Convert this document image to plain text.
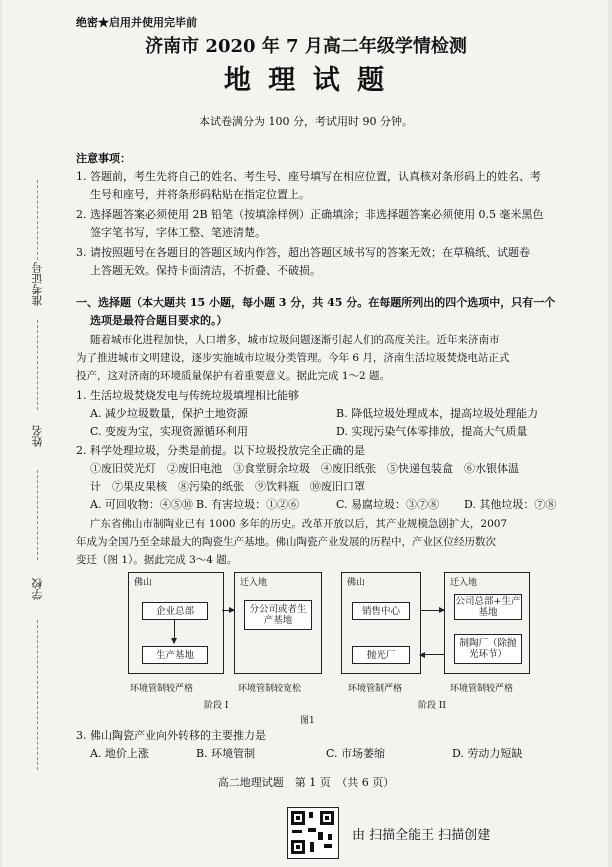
绝密★启用并使用完毕前
济南市 2020 年 7 月高二年级学情检测
地 理 试 题
本试卷满分为 100 分，考试用时 90 分钟。
注意事项：
1. 答题前，考生先将自己的姓名、考生号、座号填写在相应位置，认真核对条形码上的姓名、考
生号和座号，并将条形码粘贴在指定位置上。
2. 选择题答案必须使用 2B 铅笔（按填涂样例）正确填涂；非选择题答案必须使用 0.5 毫米黑色
签字笔书写，字体工整、笔迹清楚。
3. 请按照题号在各题目的答题区域内作答，超出答题区域书写的答案无效；在草稿纸、试题卷
上答题无效。保持卡面清洁，不折叠、不破损。
准考证号
姓名
学校
一、选择题（本大题共 15 小题，每小题 3 分，共 45 分。在每题所列出的四个选项中，只有一个
选项是最符合题目要求的。）
随着城市化进程加快，人口增多，城市垃圾问题逐渐引起人们的高度关注。近年来济南市
为了推进城市文明建设，逐步实施城市垃圾分类管理。今年 6 月，济南生活垃圾焚烧电站正式
投产，这对济南的环境质量保护有着重要意义。据此完成 1～2 题。
1. 生活垃圾焚烧发电与传统垃圾填埋相比能够
A. 减少垃圾数量，保护土地资源	B. 降低垃圾处理成本，提高垃圾处理能力
C. 变废为宝，实现资源循环利用	D. 实现污染气体零排放，提高大气质量
2. 科学处理垃圾，分类是前提。以下垃圾投放完全正确的是
①废旧荧光灯　②废旧电池　③食堂厨余垃圾　④废旧纸张　⑤快递包装盒　⑥水银体温
计　⑦果皮果核　⑧污染的纸张　⑨饮料瓶　⑩废旧口罩
A. 可回收物：④⑤⑩ B. 有害垃圾：①②⑥	C. 易腐垃圾：③⑦⑧ D. 其他垃圾：⑦⑧
广东省佛山市制陶业已有 1000 多年的历史。改革开放以后，其产业规模急剧扩大，2007
年成为全国乃至全球最大的陶瓷生产基地。佛山陶瓷产业发展的历程中，产业区位经历数次
变迁（图 1）。据此完成 3～4 题。
佛山
企业总部
生产基地
迁入地
分公司或者生产基地
环境管制较严格	环境管制较宽松
阶段 I
佛山
销售中心
抛光厂
迁入地
公司总部+生产基地
制陶厂（除抛光环节）
环境管制严格	环境管制较严格
阶段 II
图1
3. 佛山陶瓷产业向外转移的主要推力是
A. 地价上涨	B. 环境管制	C. 市场萎缩	D. 劳动力短缺
高二地理试题　第 1 页　（共 6 页）
由 扫描全能王 扫描创建
